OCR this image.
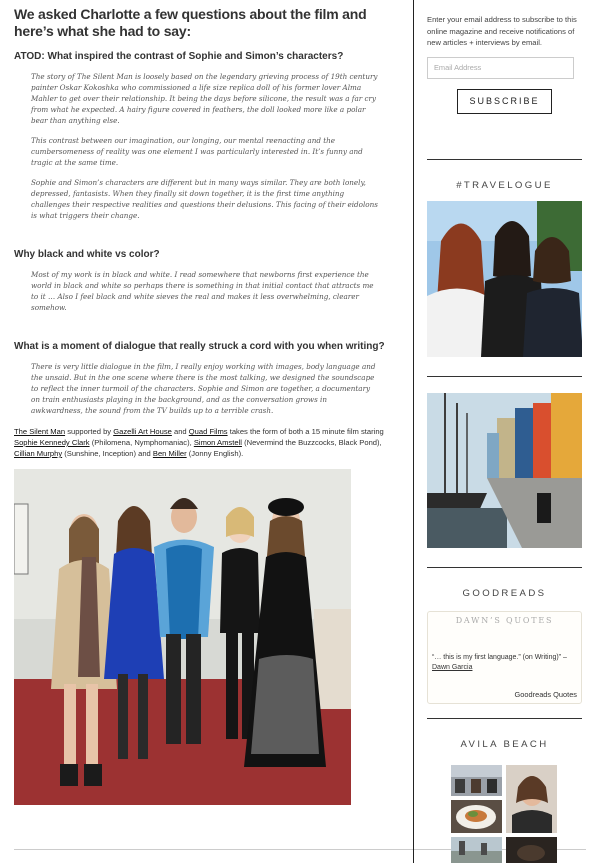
We asked Charlotte a few questions about the film and here’s what she had to say:
ATOD: What inspired the contrast of Sophie and Simon’s characters?

The story of The Silent Man is loosely based on the legendary grieving process of 19th century painter Oskar Kokoshka who commissioned a life size replica doll of his former lover Alma Mahler to get over their relationship. It being the days before silicone, the result was a far cry from what he expected. A hairy figure covered in feathers, the doll looked more like a polar bear than anything else.

This contrast between our imagination, our longing, our mental reenacting and the cumbersomeness of reality was one element I was particularly interested in. It’s funny and tragic at the same time.

Sophie and Simon’s characters are different but in many ways similar. They are both lonely, depressed, fantasists. When they finally sit down together, it is the first time anything challenges their respective realities and questions their delusions. This facing of their eidolons is what triggers their change.

Why black and white vs color?

Most of my work is in black and white. I read somewhere that newborns first experience the world in black and white so perhaps there is something in that initial contact that attracts me to it … Also I feel black and white sieves the real and makes it less overwhelming, clearer somehow.

What is a moment of dialogue that really struck a cord with you when writing?

There is very little dialogue in the film, I really enjoy working with images, body language and the unsaid. But in the one scene where there is the most talking, we designed the soundscape to reflect the inner turmoil of the characters. Sophie and Simon are together, a documentary on train enthusiasts playing in the background, and as the conversation grows in awkwardness, the sound from the TV builds up to a terrible crash.

The Silent Man supported by Gazelli Art House and Quad Films takes the form of both a 15 minute film staring Sophie Kennedy Clark (Philomena, Nymphomaniac), Simon Amstell (Nevermind the Buzzcocks, Black Pond), Cillian Murphy (Sunshine, Inception) and Ben Miller (Jonny English).
Enter your email address to subscribe to this online magazine and receive notifications of new articles + interviews by email.
Email Address
SUBSCRIBE
#TRAVELOGUE
GOODREADS
DAWN’S QUOTES
“… this is my first language.” (on Writing)” – Dawn Garcia
Goodreads Quotes
AVILA BEACH
